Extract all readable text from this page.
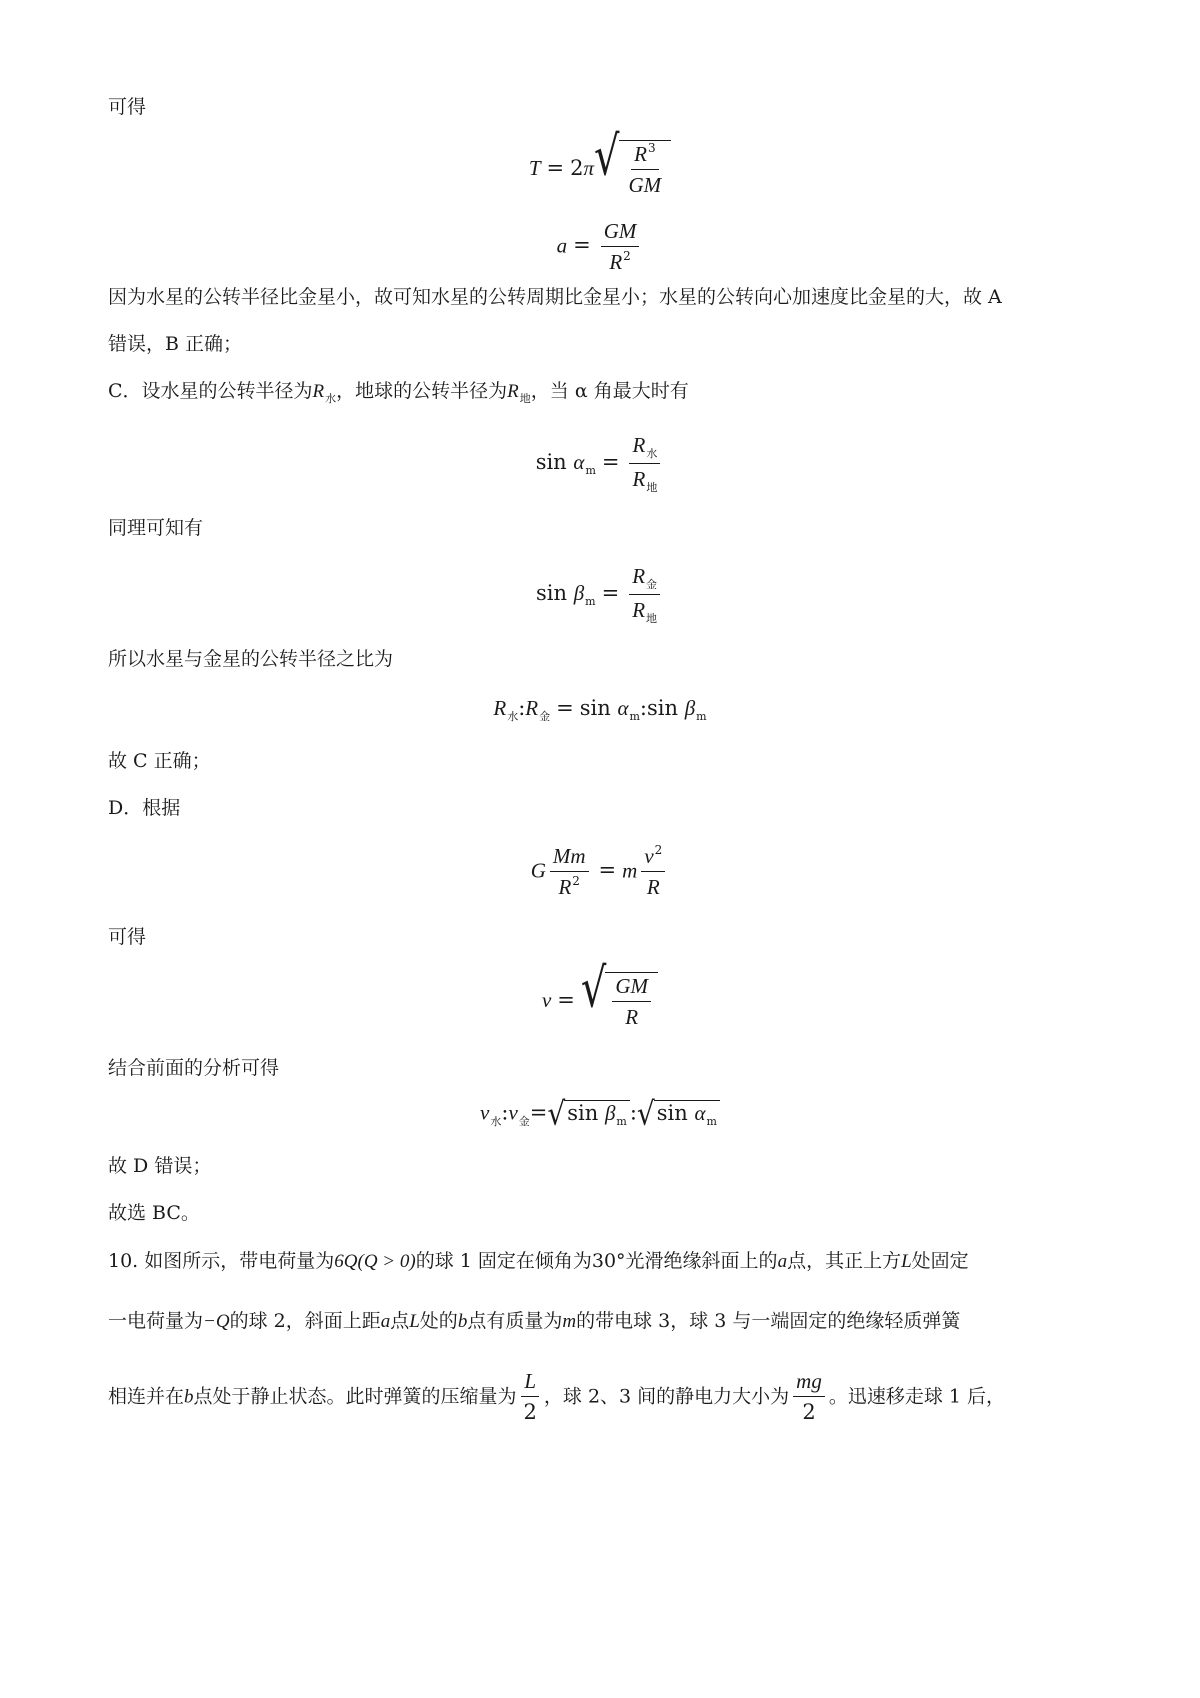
可得
T = 2π √ $\frac{R^3}{GM}$
$a = \frac{GM}{R^2}$
因为水星的公转半径比金星小，故可知水星的公转周期比金星小；水星的公转向心加速度比金星的大，故 A
错误，B 正确；
C．设水星的公转半径为$R_水$，地球的公转半径为$R_地$，当 α 角最大时有
$\sin \alpha_m = \frac{R_水}{R_地}$
同理可知有
$\sin \beta_m = \frac{R_金}{R_地}$
所以水星与金星的公转半径之比为
$R_水:R_金 = \sin$ $\alpha_m:\sin$ $\beta_m$
故 C 正确；
D．根据
G $\frac{Mm}{R^2} = m \frac{v^2}{R}$
可得
v = √ $\frac{GM}{R}$
结合前面的分析可得
$v_水:v_金=$ √ $\sin \beta_m$ : √ $\sin \alpha_m$
故 D 错误；
故选 BC。
10. 如图所示，带电荷量为6Q(Q > 0)的球 1 固定在倾角为30°光滑绝缘斜面上的a点，其正上方L处固定
一电荷量为−Q的球 2，斜面上距a点L处的b点有质量为m的带电球 3，球 3 与一端固定的绝缘轻质弹簧
相连并在b点处于静止状态。此时弹簧的压缩量为 $\frac{L}{2}$ ，球 2、3 间的静电力大小为 $\frac{mg}{2}$ 。迅速移走球 1 后，
